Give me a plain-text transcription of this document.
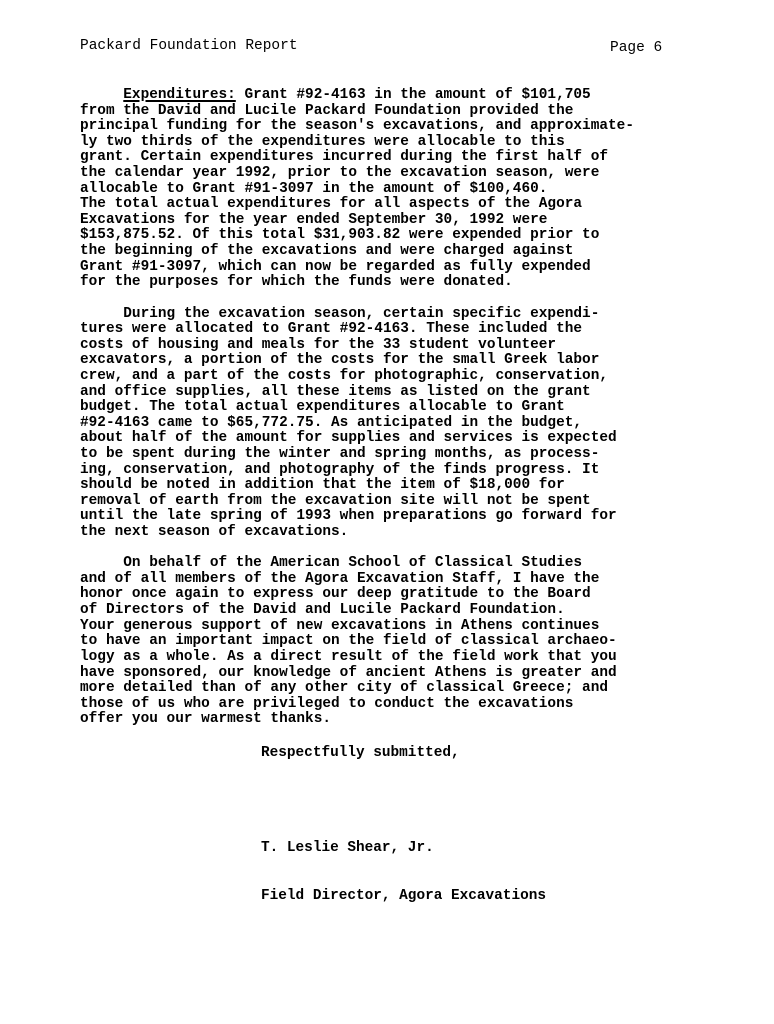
Packard Foundation Report	Page 6
Expenditures: Grant #92-4163 in the amount of $101,705
from the David and Lucile Packard Foundation provided the
principal funding for the season's excavations, and approximate-
ly two thirds of the expenditures were allocable to this
grant. Certain expenditures incurred during the first half of
the calendar year 1992, prior to the excavation season, were
allocable to Grant #91-3097 in the amount of $100,460.
The total actual expenditures for all aspects of the Agora
Excavations for the year ended September 30, 1992 were
$153,875.52. Of this total $31,903.82 were expended prior to
the beginning of the excavations and were charged against
Grant #91-3097, which can now be regarded as fully expended
for the purposes for which the funds were donated.
During the excavation season, certain specific expendi-
tures were allocated to Grant #92-4163. These included the
costs of housing and meals for the 33 student volunteer
excavators, a portion of the costs for the small Greek labor
crew, and a part of the costs for photographic, conservation,
and office supplies, all these items as listed on the grant
budget. The total actual expenditures allocable to Grant
#92-4163 came to $65,772.75. As anticipated in the budget,
about half of the amount for supplies and services is expected
to be spent during the winter and spring months, as process-
ing, conservation, and photography of the finds progress. It
should be noted in addition that the item of $18,000 for
removal of earth from the excavation site will not be spent
until the late spring of 1993 when preparations go forward for
the next season of excavations.
On behalf of the American School of Classical Studies
and of all members of the Agora Excavation Staff, I have the
honor once again to express our deep gratitude to the Board
of Directors of the David and Lucile Packard Foundation.
Your generous support of new excavations in Athens continues
to have an important impact on the field of classical archaeo-
logy as a whole. As a direct result of the field work that you
have sponsored, our knowledge of ancient Athens is greater and
more detailed than of any other city of classical Greece; and
those of us who are privileged to conduct the excavations
offer you our warmest thanks.
Respectfully submitted,

T. Leslie Shear, Jr.

Field Director, Agora Excavations
